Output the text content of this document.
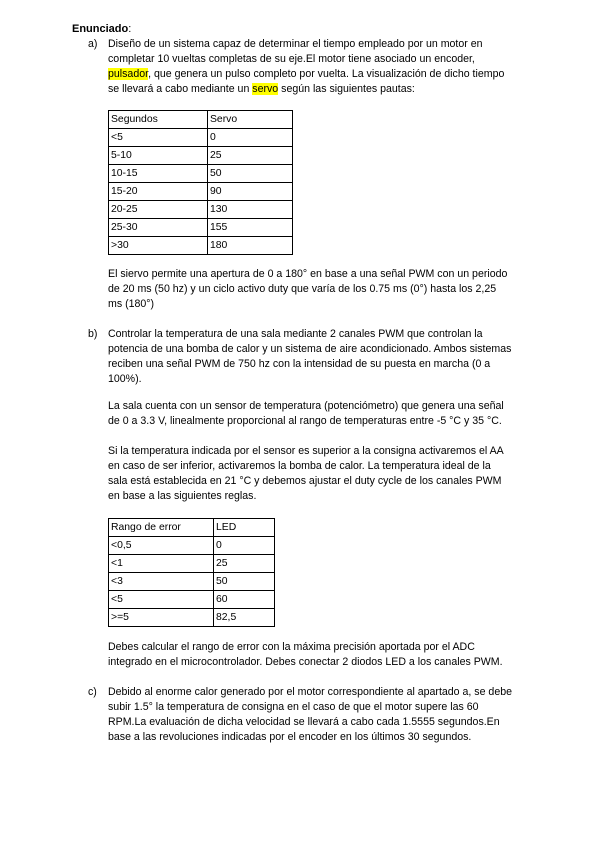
Enunciado:
a) Diseño de un sistema capaz de determinar el tiempo empleado por un motor en completar 10 vueltas completas de su eje.El motor tiene asociado un encoder, pulsador, que genera un pulso completo por vuelta. La visualización de dicho tiempo se llevará a cabo mediante un servo según las siguientes pautas:
Segundos	Servo
<5	0
5-10	25
10-15	50
15-20	90
20-25	130
25-30	155
>30	180
El siervo permite una apertura de 0 a 180° en base a una señal PWM con un periodo de 20 ms (50 hz) y un ciclo activo duty que varía de los 0.75 ms (0°) hasta los 2,25 ms (180°)
b) Controlar la temperatura de una sala mediante 2 canales PWM que controlan la potencia de una bomba de calor y un sistema de aire acondicionado. Ambos sistemas reciben una señal PWM de 750 hz con la intensidad de su puesta en marcha (0 a 100%).
La sala cuenta con un sensor de temperatura (potenciómetro) que genera una señal de 0 a 3.3 V, linealmente proporcional al rango de temperaturas entre -5 °C y 35 °C.
Si la temperatura indicada por el sensor es superior a la consigna activaremos el AA en caso de ser inferior, activaremos la bomba de calor. La temperatura ideal de la sala está establecida en 21 °C y debemos ajustar el duty cycle de los canales PWM en base a las siguientes reglas.
Rango de error	LED
<0,5	0
<1	25
<3	50
<5	60
>=5	82,5
Debes calcular el rango de error con la máxima precisión aportada por el ADC integrado en el microcontrolador. Debes conectar 2 diodos LED a los canales PWM.
c) Debido al enorme calor generado por el motor correspondiente al apartado a, se debe subir 1.5° la temperatura de consigna en el caso de que el motor supere las 60 RPM.La evaluación de dicha velocidad se llevará a cabo cada 1.5555 segundos.En base a las revoluciones indicadas por el encoder en los últimos 30 segundos.
